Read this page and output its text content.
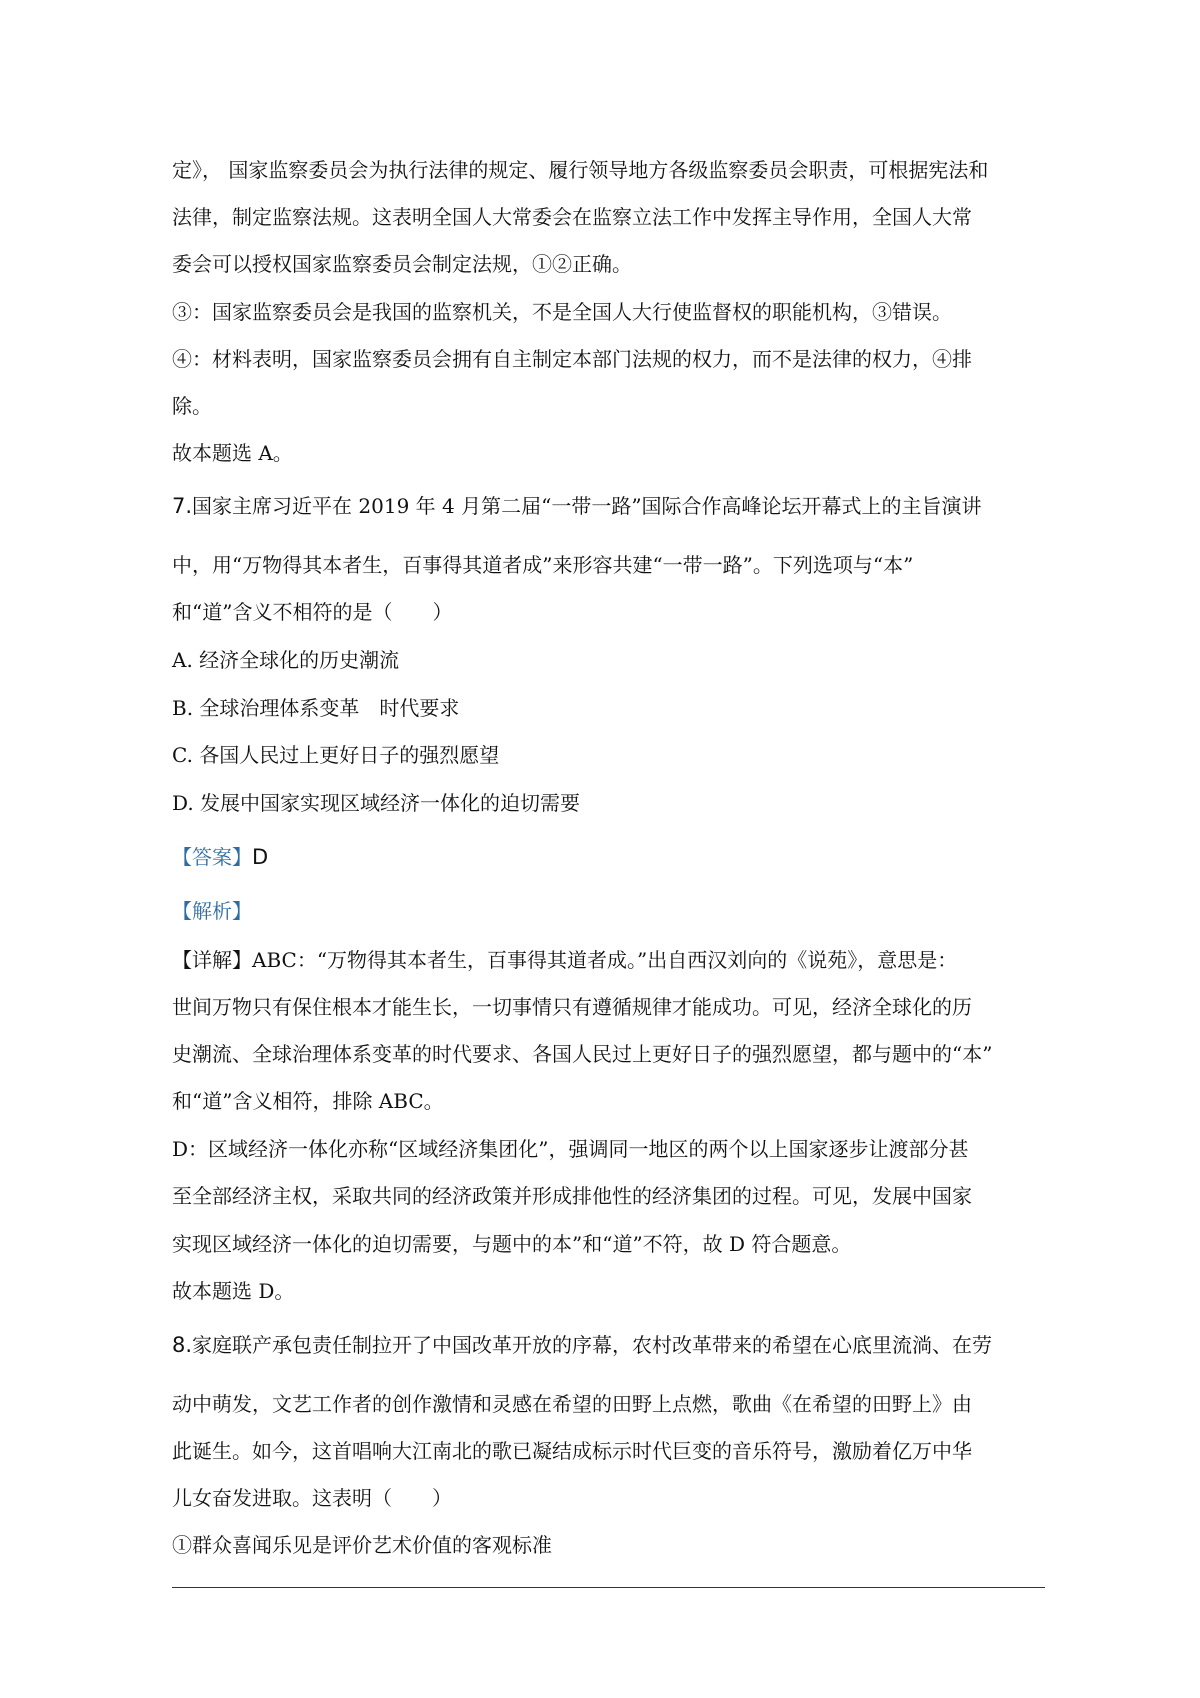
定》， 国家监察委员会为执行法律的规定、履行领导地方各级监察委员会职责，可根据宪法和
法律，制定监察法规。这表明全国人大常委会在监察立法工作中发挥主导作用，全国人大常
委会可以授权国家监察委员会制定法规，①②正确。
③：国家监察委员会是我国的监察机关，不是全国人大行使监督权的职能机构，③错误。
④：材料表明，国家监察委员会拥有自主制定本部门法规的权力，而不是法律的权力，④排
除。
故本题选 A。
7.国家主席习近平在 2019 年 4 月第二届“一带一路”国际合作高峰论坛开幕式上的主旨演讲
中，用“万物得其本者生，百事得其道者成”来形容共建“一带一路”。下列选项与“本”
和“道”含义不相符的是（　　）
A. 经济全球化的历史潮流
B. 全球治理体系变革　时代要求
C. 各国人民过上更好日子的强烈愿望
D. 发展中国家实现区域经济一体化的迫切需要
【答案】D
【解析】
【详解】ABC：“万物得其本者生，百事得其道者成。”出自西汉刘向的《说苑》，意思是：
世间万物只有保住根本才能生长，一切事情只有遵循规律才能成功。可见，经济全球化的历
史潮流、全球治理体系变革的时代要求、各国人民过上更好日子的强烈愿望，都与题中的“本”
和“道”含义相符，排除 ABC。
D：区域经济一体化亦称“区域经济集团化”，强调同一地区的两个以上国家逐步让渡部分甚
至全部经济主权，采取共同的经济政策并形成排他性的经济集团的过程。可见，发展中国家
实现区域经济一体化的迫切需要，与题中的本”和“道”不符，故 D 符合题意。
故本题选 D。
8.家庭联产承包责任制拉开了中国改革开放的序幕，农村改革带来的希望在心底里流淌、在劳
动中萌发，文艺工作者的创作激情和灵感在希望的田野上点燃，歌曲《在希望的田野上》由
此诞生。如今，这首唱响大江南北的歌已凝结成标示时代巨变的音乐符号，激励着亿万中华
儿女奋发进取。这表明（　　）
①群众喜闻乐见是评价艺术价值的客观标准
